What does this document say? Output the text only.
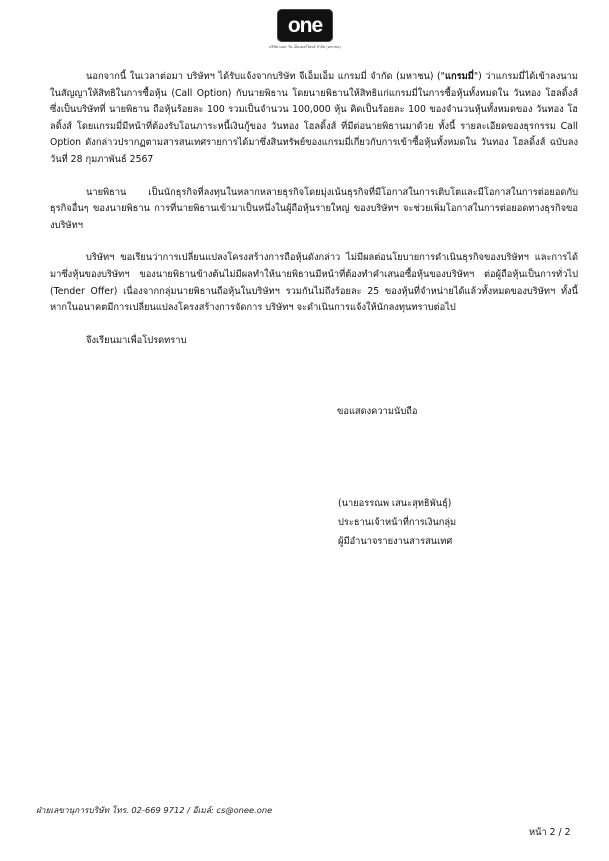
one
บริษัท เดอะ วัน เอ็นเตอร์ไพรส์ จำกัด (มหาชน)

นอกจากนี้ ในเวลาต่อมา บริษัทฯ ได้รับแจ้งจากบริษัท จีเอ็มเอ็ม แกรมมี่ จำกัด (มหาชน) ("แกรมมี่") ว่าแกรมมี่ได้เข้าลงนามในสัญญาให้สิทธิในการซื้อหุ้น (Call Option) กับนายพิธาน โดยนายพิธานให้สิทธิแก่แกรมมี่ในการซื้อหุ้นทั้งหมดใน วันทอง โฮลดิ้งส์ ซึ่งเป็นบริษัทที่ นายพิธาน ถือหุ้นร้อยละ 100 รวมเป็นจำนวน 100,000 หุ้น คิดเป็นร้อยละ 100 ของจำนวนหุ้นทั้งหมดของ วันทอง โฮลดิ้งส์ โดยแกรมมี่มีหน้าที่ต้องรับโอนภาระหนี้เงินกู้ของ วันทอง โฮลดิ้งส์ ที่มีต่อนายพิธานมาด้วย ทั้งนี้ รายละเอียดของธุรกรรม Call Option ดังกล่าวปรากฏตามสารสนเทศรายการได้มาซึ่งสินทรัพย์ของแกรมมี่เกี่ยวกับการเข้าซื้อหุ้นทั้งหมดใน วันทอง โฮลดิ้งส์ ฉบับลงวันที่ 28 กุมภาพันธ์ 2567

นายพิธาน เป็นนักธุรกิจที่ลงทุนในหลากหลายธุรกิจโดยมุ่งเน้นธุรกิจที่มีโอกาสในการเติบโตและมีโอกาสในการต่อยอดกับธุรกิจอื่นๆ ของนายพิธาน การที่นายพิธานเข้ามาเป็นหนึ่งในผู้ถือหุ้นรายใหญ่ ของบริษัทฯ จะช่วยเพิ่มโอกาสในการต่อยอดทางธุรกิจของบริษัทฯ

บริษัทฯ ขอเรียนว่าการเปลี่ยนแปลงโครงสร้างการถือหุ้นดังกล่าว ไม่มีผลต่อนโยบายการดำเนินธุรกิจของบริษัทฯ และการได้มาซึ่งหุ้นของบริษัทฯ ของนายพิธานข้างต้นไม่มีผลทำให้นายพิธานมีหน้าที่ต้องทำคำเสนอซื้อหุ้นของบริษัทฯ ต่อผู้ถือหุ้นเป็นการทั่วไป (Tender Offer) เนื่องจากกลุ่มนายพิธานถือหุ้นในบริษัทฯ รวมกันไม่ถึงร้อยละ 25 ของหุ้นที่จำหน่ายได้แล้วทั้งหมดของบริษัทฯ ทั้งนี้ หากในอนาคตมีการเปลี่ยนแปลงโครงสร้างการจัดการ บริษัทฯ จะดำเนินการแจ้งให้นักลงทุนทราบต่อไป

จึงเรียนมาเพื่อโปรดทราบ

ขอแสดงความนับถือ
(นายอรรณพ เสนะสุทธิพันธุ์)
ประธานเจ้าหน้าที่การเงินกลุ่ม
ผู้มีอำนาจรายงานสารสนเทศ
ฝ่ายเลขานุการบริษัท โทร. 02-669 9712 / อีเมล์: cs@onee.one
หน้า 2 / 2
